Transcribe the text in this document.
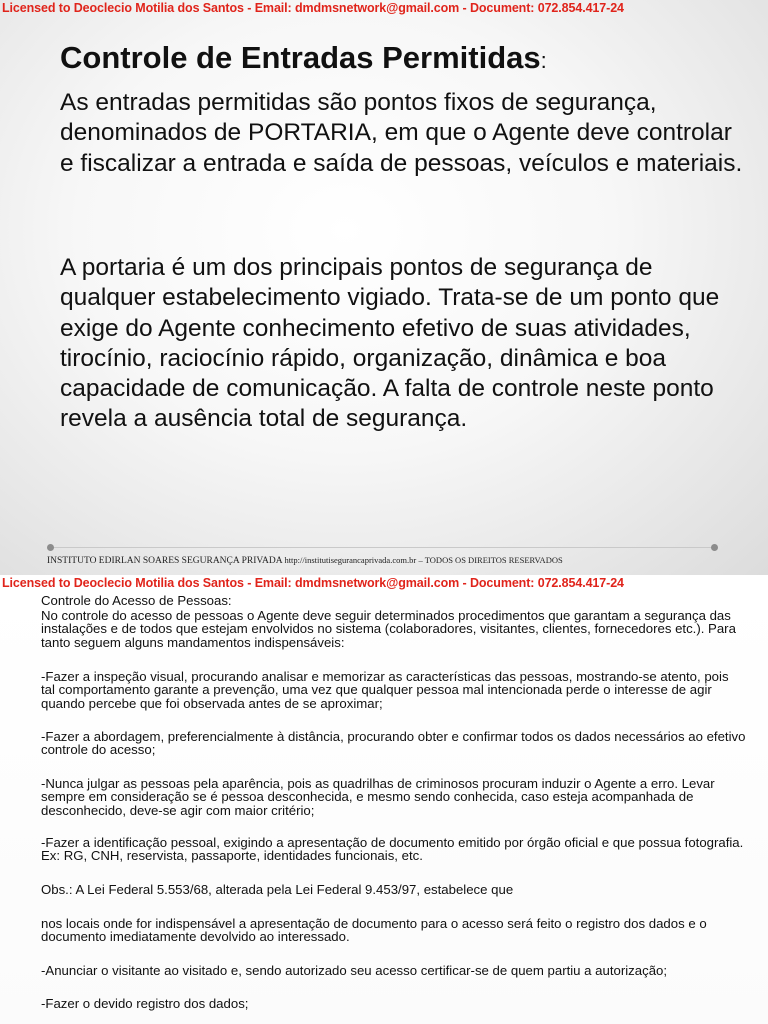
Controle de Entradas Permitidas:

As entradas permitidas são pontos fixos de segurança, denominados de PORTARIA, em que o Agente deve controlar e fiscalizar a entrada e saída de pessoas, veículos e materiais.

A portaria é um dos principais pontos de segurança de qualquer estabelecimento vigiado. Trata-se de um ponto que exige do Agente conhecimento efetivo de suas atividades, tirocínio, raciocínio rápido, organização, dinâmica e boa capacidade de comunicação. A falta de controle neste ponto revela a ausência total de segurança.

INSTITUTO EDIRLAN SOARES SEGURANÇA PRIVADA http://institutisegurancaprivada.com.br – TODOS OS DIREITOS RESERVADOS
Licensed to Deoclecio Motilia dos Santos - Email: dmdmsnetwork@gmail.com - Document: 072.854.417-24

Controle do Acesso de Pessoas:

No controle do acesso de pessoas o Agente deve seguir determinados procedimentos que garantam a segurança das instalações e de todos que estejam envolvidos no sistema (colaboradores, visitantes, clientes, fornecedores etc.). Para tanto seguem alguns mandamentos indispensáveis:

-Fazer a inspeção visual, procurando analisar e memorizar as características das pessoas, mostrando-se atento, pois tal comportamento garante a prevenção, uma vez que qualquer pessoa mal intencionada perde o interesse de agir quando percebe que foi observada antes de se aproximar;

-Fazer a abordagem, preferencialmente à distância, procurando obter e confirmar todos os dados necessários ao efetivo controle do acesso;

-Nunca julgar as pessoas pela aparência, pois as quadrilhas de criminosos procuram induzir o Agente a erro. Levar sempre em consideração se é pessoa desconhecida, e mesmo sendo conhecida, caso esteja acompanhada de desconhecido, deve-se agir com maior critério;

-Fazer a identificação pessoal, exigindo a apresentação de documento emitido por órgão oficial e que possua fotografia. Ex: RG, CNH, reservista, passaporte, identidades funcionais, etc.

Obs.: A Lei Federal 5.553/68, alterada pela Lei Federal 9.453/97, estabelece que

nos locais onde for indispensável a apresentação de documento para o acesso será feito o registro dos dados e o documento imediatamente devolvido ao interessado.

-Anunciar o visitante ao visitado e, sendo autorizado seu acesso certificar-se de quem partiu a autorização;

-Fazer o devido registro dos dados;

Licensed to Deoclecio Motilia dos Santos - Email: dmdmsnetwork@gmail.com - Document: 072.854.417-24
